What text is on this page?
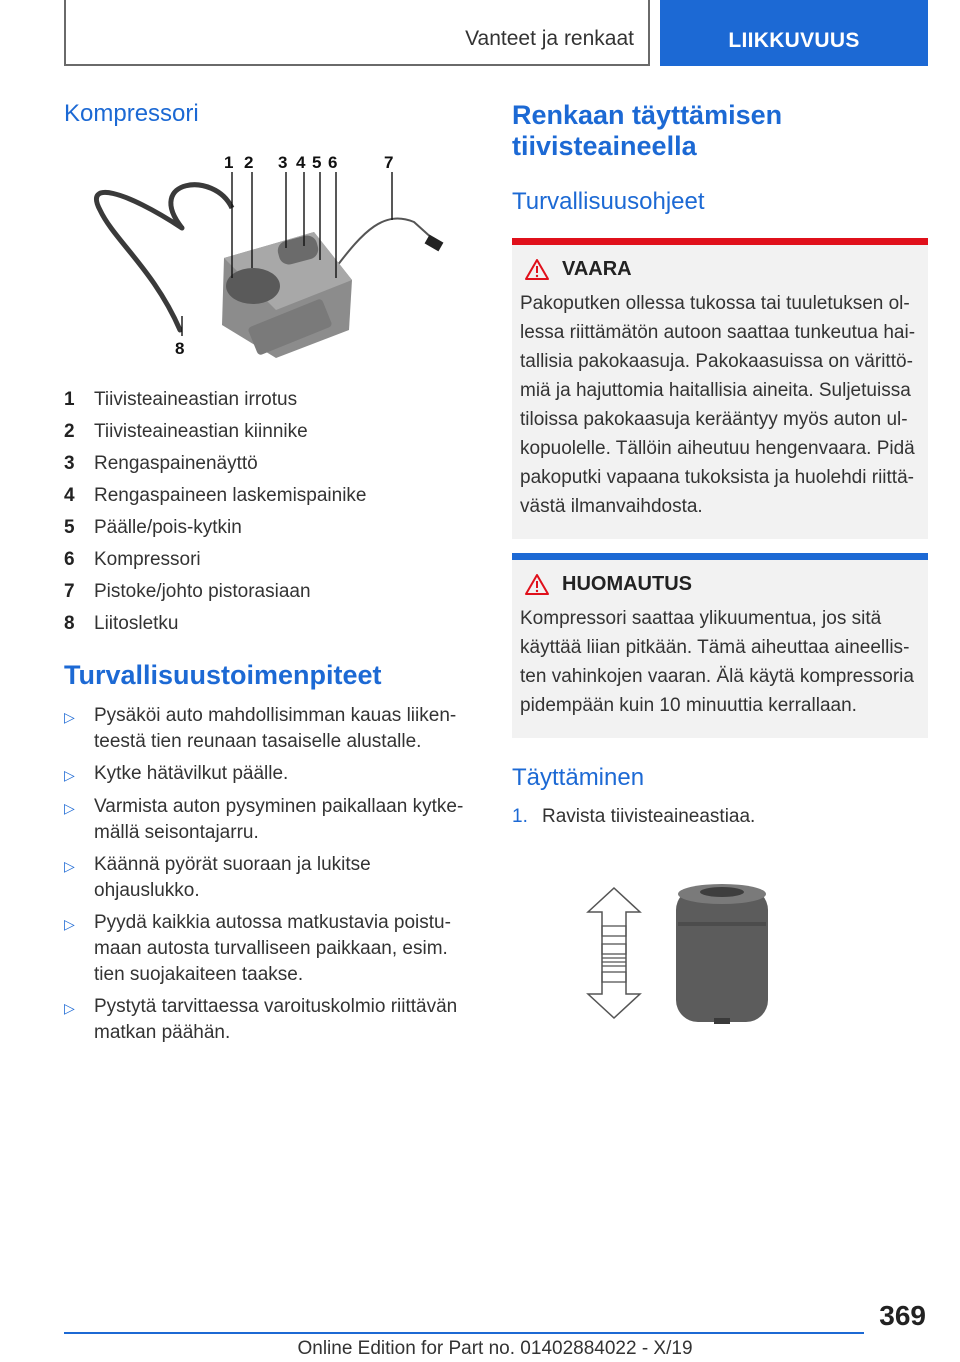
Vanteet ja renkaat	LIIKKUVUUS
Kompressori
1 2 3 4 5 6	7
8
1	Tiivisteaineastian irrotus
2	Tiivisteaineastian kiinnike
3	Rengaspainenäyttö
4	Rengaspaineen laskemispainike
5	Päälle/pois-kytkin
6	Kompressori
7	Pistoke/johto pistorasiaan
8	Liitosletku
Turvallisuustoimenpiteet
▷	Pysäköi auto mahdollisimman kauas liikenteestä tien reunaan tasaiselle alustalle.
▷	Kytke hätävilkut päälle.
▷	Varmista auton pysyminen paikallaan kytkemällä seisontajarru.
▷	Käännä pyörät suoraan ja lukitse ohjauslukko.
▷	Pyydä kaikkia autossa matkustavia poistumaan autosta turvalliseen paikkaan, esim. tien suojakaiteen taakse.
▷	Pystytä tarvittaessa varoituskolmio riittävän matkan päähän.
Renkaan täyttämisen tiivisteaineella
Turvallisuusohjeet
VAARA

Pakoputken ollessa tukossa tai tuuletuksen ollessa riittämätön autoon saattaa tunkeutua haitallisia pakokaasuja. Pakokaasuissa on värittömiä ja hajuttomia haitallisia aineita. Suljetuissa tiloissa pakokaasuja kerääntyy myös auton ulkopuolelle. Tällöin aiheutuu hengenvaara. Pidä pakoputki vapaana tukoksista ja huolehdi riittävästä ilmanvaihdosta.

HUOMAUTUS

Kompressori saattaa ylikuumentua, jos sitä käyttää liian pitkään. Tämä aiheuttaa aineellisten vahinkojen vaaran. Älä käytä kompressoria pidempään kuin 10 minuuttia kerrallaan.

Täyttäminen
1. Ravista tiivisteaineastiaa.
369
Online Edition for Part no. 01402884022 - X/19
